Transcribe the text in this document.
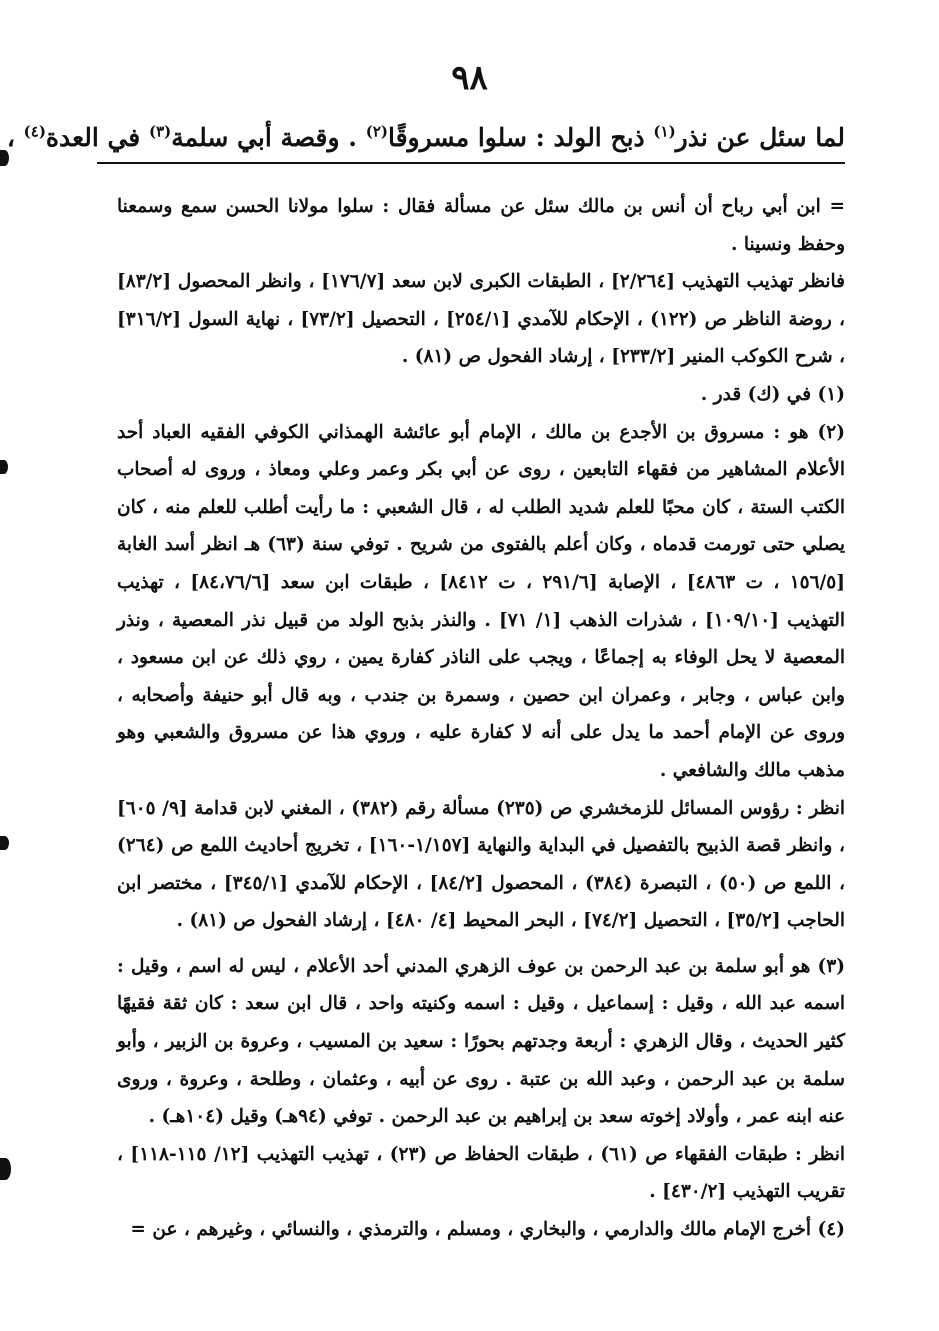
٩٨
لما سئل عن نذر$^{(١)}$ ذبح الولد : سلوا مسروقًا$^{(٢)}$ . وقصة أبي سلمة$^{(٣)}$ في العدة$^{(٤)}$ ،

= ابن أبي رباح أن أنس بن مالك سئل عن مسألة فقال : سلوا مولانا الحسن سمع وسمعنا وحفظ ونسينا .

فانظر تهذيب التهذيب [٢/٢٦٤] ، الطبقات الكبرى لابن سعد [١٧٦/٧] ، وانظر المحصول [٨٣/٢] ، روضة الناظر ص (١٢٢) ، الإحكام للآمدي [٢٥٤/١] ، التحصيل [٧٣/٢] ، نهاية السول [٣١٦/٢] ، شرح الكوكب المنير [٢٣٣/٢] ، إرشاد الفحول ص (٨١) .

(١) في (ك) قدر .

(٢) هو : مسروق بن الأجدع بن مالك ، الإمام أبو عائشة الهمذاني الكوفي الفقيه العباد أحد الأعلام المشاهير من فقهاء التابعين ، روى عن أبي بكر وعمر وعلي ومعاذ ، وروى له أصحاب الكتب الستة ، كان محبًا للعلم شديد الطلب له ، قال الشعبي : ما رأيت أطلب للعلم منه ، كان يصلي حتى تورمت قدماه ، وكان أعلم بالفتوى من شريح . توفي سنة (٦٣) هـ انظر أسد الغابة [١٥٦/٥ ، ت ٤٨٦٣] ، الإصابة [٢٩١/٦ ، ت ٨٤١٢] ، طبقات ابن سعد [٨٤،٧٦/٦] ، تهذيب التهذيب [١٠٩/١٠] ، شذرات الذهب [١/ ٧١] . والنذر بذبح الولد من قبيل نذر المعصية ، ونذر المعصية لا يحل الوفاء به إجماعًا ، ويجب على الناذر كفارة يمين ، روي ذلك عن ابن مسعود ، وابن عباس ، وجابر ، وعمران ابن حصين ، وسمرة بن جندب ، وبه قال أبو حنيفة وأصحابه ، وروى عن الإمام أحمد ما يدل على أنه لا كفارة عليه ، وروي هذا عن مسروق والشعبي وهو مذهب مالك والشافعي .

انظر : رؤوس المسائل للزمخشري ص (٢٣٥) مسألة رقم (٣٨٢) ، المغني لابن قدامة [٩/ ٦٠٥] ، وانظر قصة الذبيح بالتفصيل في البداية والنهاية [١/١٥٧-١٦٠] ، تخريج أحاديث اللمع ص (٢٦٤) ، اللمع ص (٥٠) ، التبصرة (٣٨٤) ، المحصول [٨٤/٢] ، الإحكام للآمدي [٣٤٥/١] ، مختصر ابن الحاجب [٣٥/٢] ، التحصيل [٧٤/٢] ، البحر المحيط [٤/ ٤٨٠] ، إرشاد الفحول ص (٨١) .

(٣) هو أبو سلمة بن عبد الرحمن بن عوف الزهري المدني أحد الأعلام ، ليس له اسم ، وقيل : اسمه عبد الله ، وقيل : إسماعيل ، وقيل : اسمه وكنيته واحد ، قال ابن سعد : كان ثقة فقيهًا كثير الحديث ، وقال الزهري : أربعة وجدتهم بحورًا : سعيد بن المسيب ، وعروة بن الزبير ، وأبو سلمة بن عبد الرحمن ، وعبد الله بن عتبة . روى عن أبيه ، وعثمان ، وطلحة ، وعروة ، وروى عنه ابنه عمر ، وأولاد إخوته سعد بن إبراهيم بن عبد الرحمن . توفي (٩٤هـ) وقيل (١٠٤هـ) .

انظر : طبقات الفقهاء ص (٦١) ، طبقات الحفاظ ص (٢٣) ، تهذيب التهذيب [١٢/ ١١٥-١١٨] ، تقريب التهذيب [٤٣٠/٢] .

(٤) أخرج الإمام مالك والدارمي ، والبخاري ، ومسلم ، والترمذي ، والنسائي ، وغيرهم ، عن =
